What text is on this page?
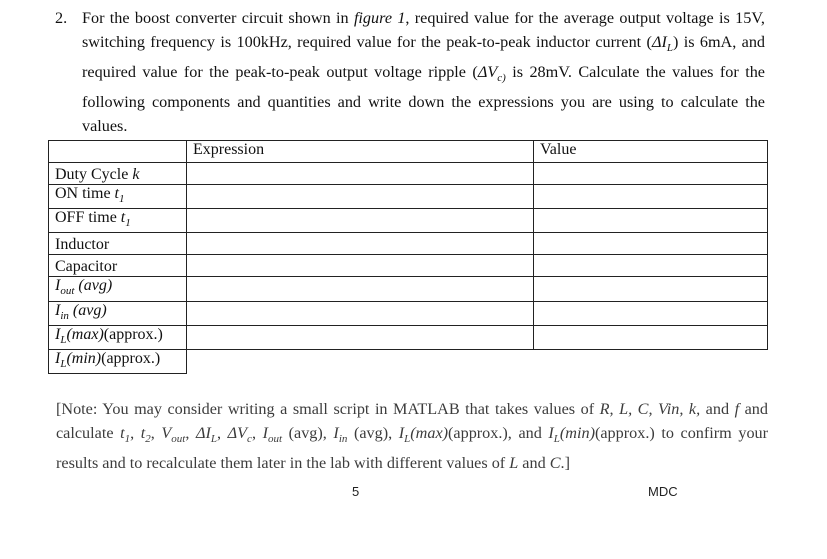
2. For the boost converter circuit shown in figure 1, required value for the average output voltage is 15V, switching frequency is 100kHz, required value for the peak-to-peak inductor current $(\Delta I_L)$ is 6mA, and required value for the peak-to-peak output voltage ripple ($\Delta V_{c)}$ is 28mV. Calculate the values for the following components and quantities and write down the expressions you are using to calculate the values.
	Expression	Value
Duty Cycle k		
ON time $t_1$		
OFF time $t_1$		
Inductor		
Capacitor		
$I_{out}$ (avg)		
$I_{in}$ (avg)		
$I_L(\max)(approx.)$		
$I_L(\min)(approx.)$		
[Note: You may consider writing a small script in MATLAB that takes values of R, L, C, Vin, k, and f and calculate $t_1$, $t_2$, $V_{out}$, $\Delta I_L$, $\Delta V_c$, $I_{out}$ (avg), $I_{in}$ (avg), $I_L(\max)(approx.)$, and $I_L(\min)(approx.)$ to confirm your results and to recalculate them later in the lab with different values of L and C.]
5	MDC
